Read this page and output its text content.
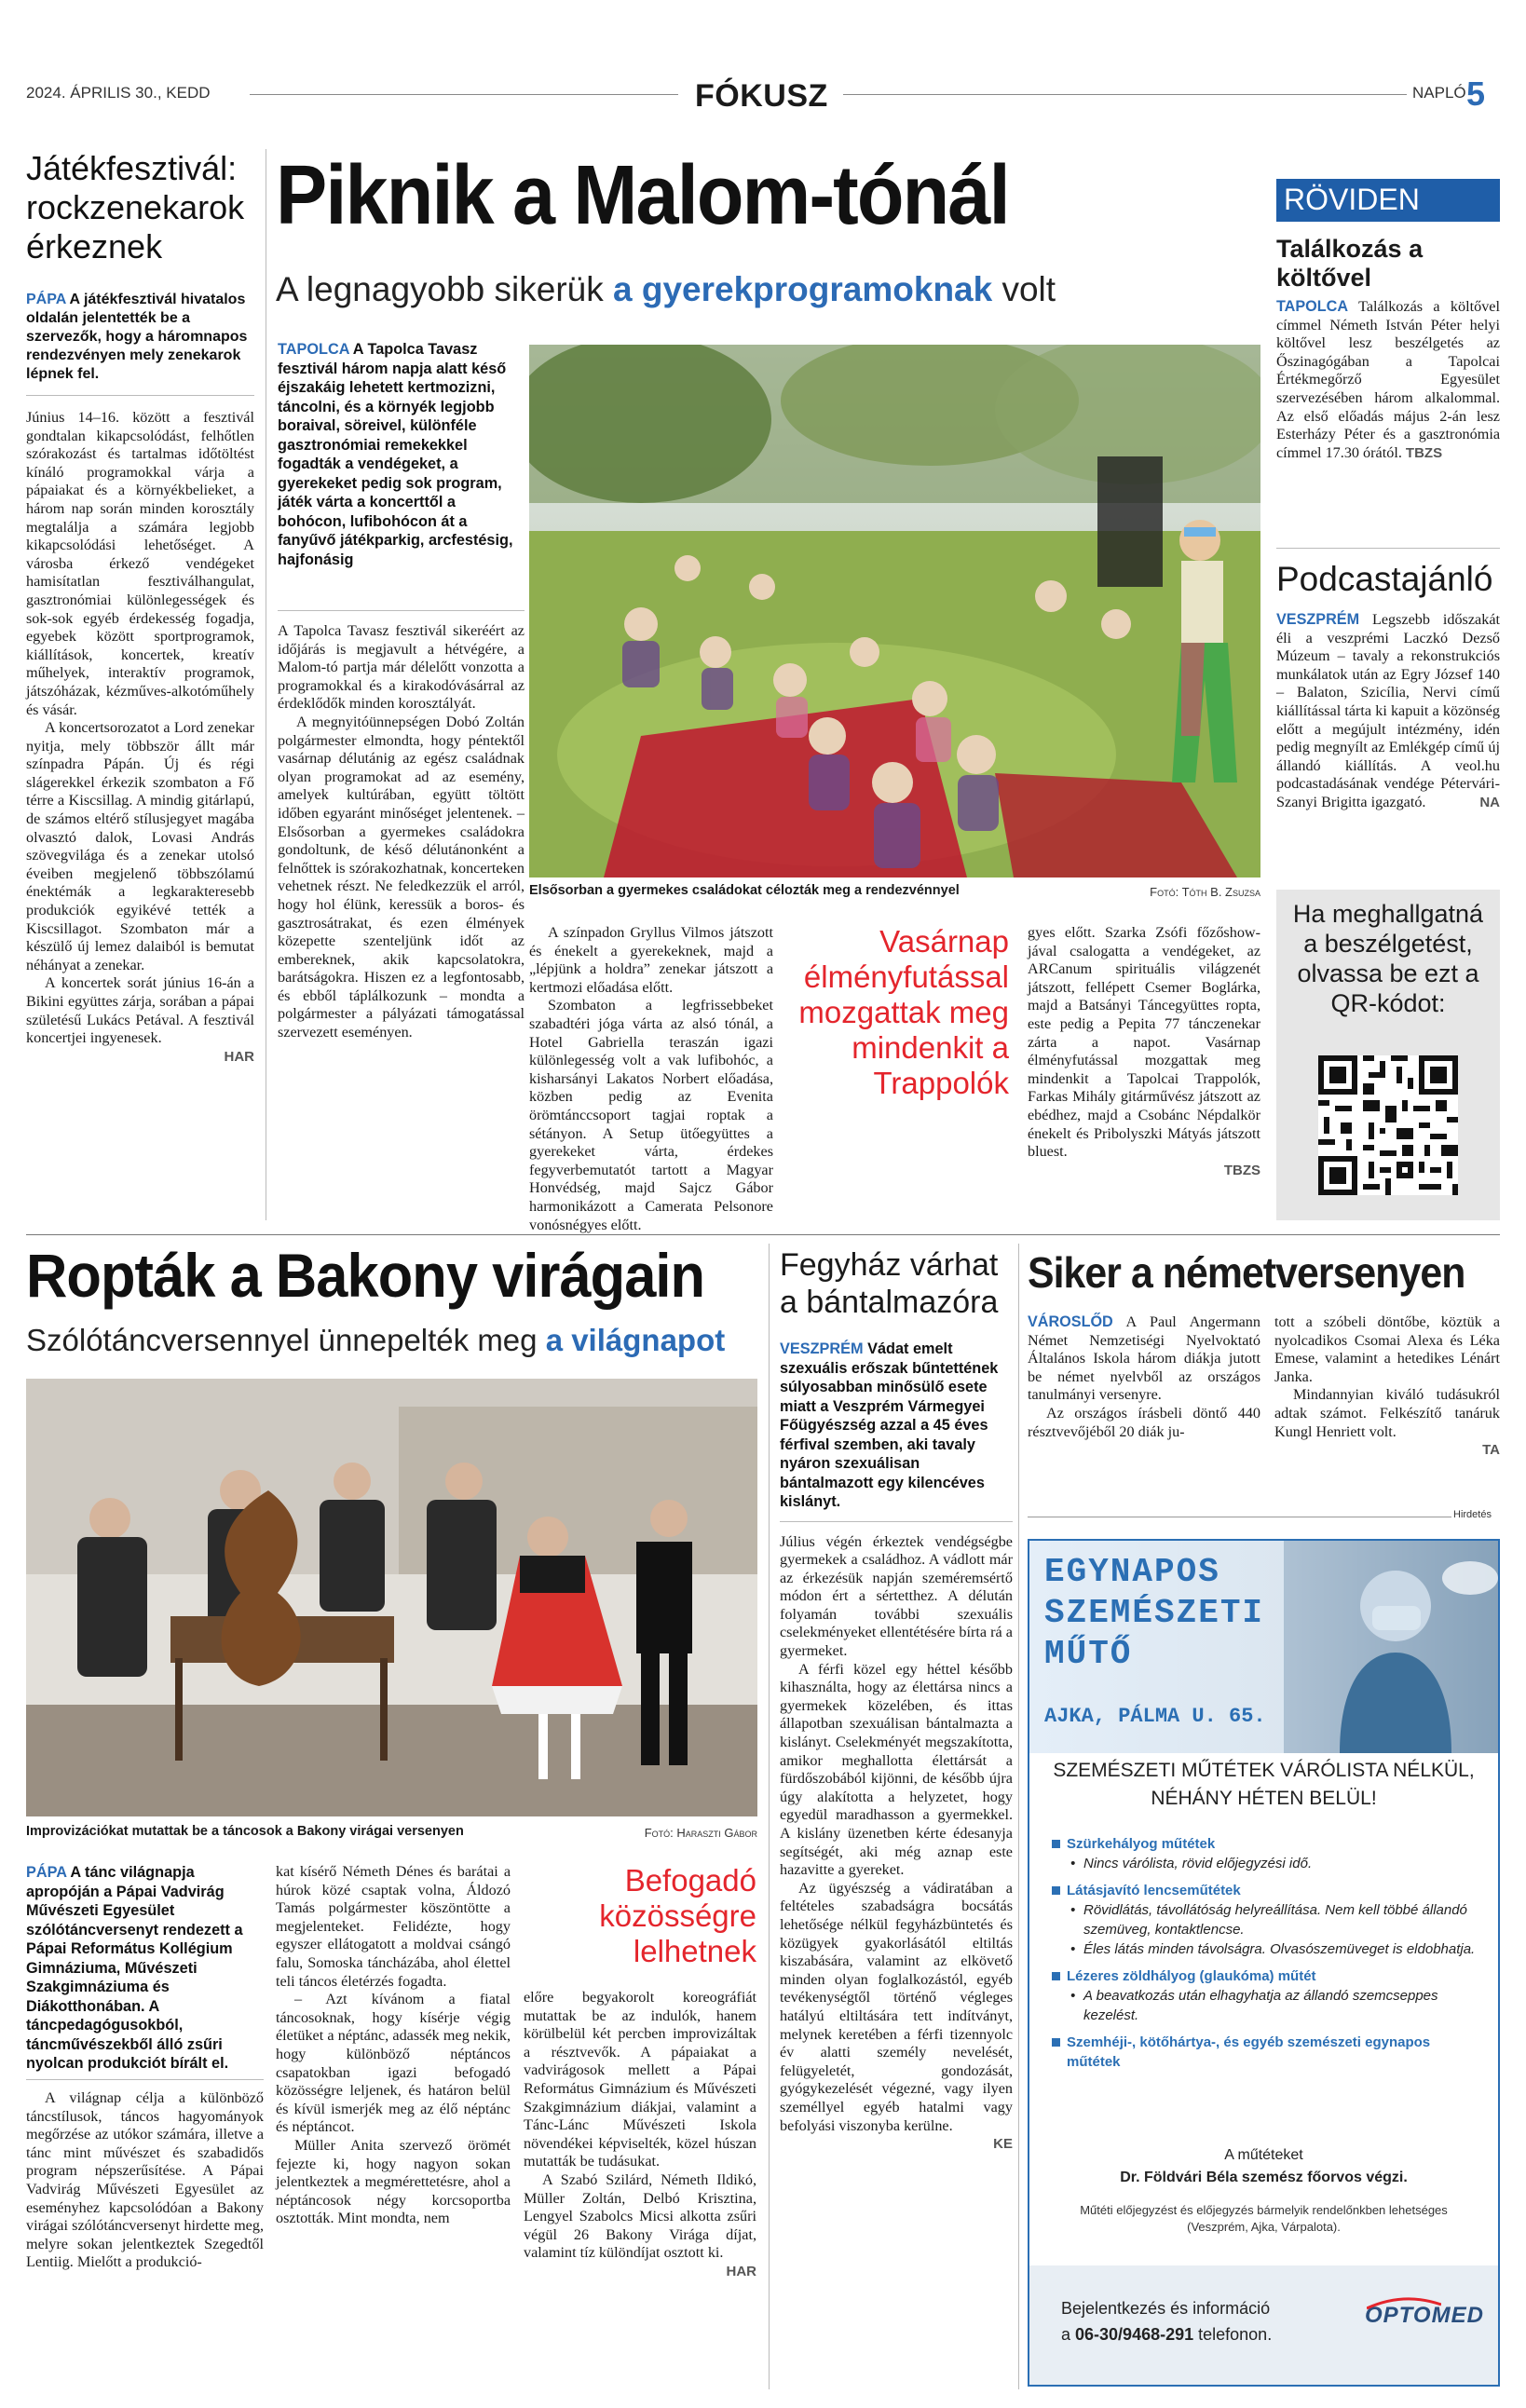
2024. ÁPRILIS 30., KEDD	FÓKUSZ	NAPLÓ 5
Játékfesztivál: rockzenekarok érkeznek
PÁPA A játékfesztivál hivatalos oldalán jelentették be a szervezők, hogy a háromnapos rendezvényen mely zenekarok lépnek fel.

Június 14–16. között a fesztivál gondtalan kikapcsolódást, felhőtlen szórakozást és tartalmas időtöltést kínáló programokkal várja a pápaiakat és a környékbelieket, a három nap során minden korosztály megtalálja a számára legjobb kikapcsolódási lehetőséget. A városba érkező vendégeket hamisítatlan fesztiválhangulat, gasztronómiai különlegességek és sok-sok egyéb érdekesség fogadja, egyebek között sportprogramok, kiállítások, koncertek, kreatív műhelyek, interaktív programok, játszóházak, kézműves-alkotóműhely és vásár.

A koncertsorozatot a Lord zenekar nyitja, mely többször állt már színpadra Pápán. Új és régi slágerekkel érkezik szombaton a Fő térre a Kiscsillag. A mindig gitárlapú, de számos eltérő stílusjegyet magába olvasztó dalok, Lovasi András szövegvilága és a zenekar utolsó éveiben megjelenő többszólamú énektémák a legkarakteresebb produkciók egyikévé tették a Kiscsillagot. Szombaton már a készülő új lemez dalaiból is bemutat néhányat a zenekar.

A koncertek sorát június 16-án a Bikini együttes zárja, sorában a pápai születésű Lukács Petával. A fesztivál koncertjei ingyenesek.

HAR
Piknik a Malom-tónál
A legnagyobb sikerük a gyerekprogramoknak volt
TAPOLCA A Tapolca Tavasz fesztivál három napja alatt késő éjszakáig lehetett kertmozizni, táncolni, és a környék legjobb boraival, söreivel, különféle gasztronómiai remekekkel fogadták a vendégeket, a gyerekeket pedig sok program, játék várta a koncerttől a bohócon, lufibohócon át a fanyűvő játékparkig, arcfestésig, hajfonásig

A Tapolca Tavasz fesztivál sikeréért az időjárás is megjavult a hétvégére, a Malom-tó partja már délelőtt vonzotta a programokkal és a kirakodóvásárral az érdeklődők minden korosztályát.

A megnyitóünnepségen Dobó Zoltán polgármester elmondta, hogy péntektől vasárnap délutánig az egész családnak olyan programokat ad az esemény, amelyek kultúrában, együtt töltött időben egyaránt minőséget jelentenek. – Elsősorban a gyermekes családokra gondoltunk, de késő délutánonként a felnőttek is szórakozhatnak, koncerteken vehetnek részt. Ne feledkezzük el arról, hogy hol élünk, keressük a boros- és gasztrosátrakat, és ezen élmények közepette szenteljünk időt az embereknek, akik kapcsolatokra, barátságokra. Hiszen ez a legfontosabb, és ebből táplálkozunk – mondta a polgármester a pályázati támogatással szervezett eseményen.

Elsősorban a gyermekes családokat célozták meg a rendezvénnyel	Fotó: Tóth B. Zsuzsa

A színpadon Gryllus Vilmos játszott és énekelt a gyerekeknek, majd a „lépjünk a holdra” zenekar játszott a kertmozi előadása előtt.

Szombaton a legfrissebbeket szabadtéri jóga várta az alsó tónál, a Hotel Gabriella teraszán igazi különlegesség volt a vak lufibohóc, a kisharsányi Lakatos Norbert előadása, közben pedig az Evenita örömtánccsoport tagjai roptak a sétányon. A Setup ütőegyüttes a gyerekeket várta, érdekes fegyverbemutatót tartott a Magyar Honvédség, majd Sajcz Gábor harmonikázott a Camerata Pelsonore vonósnégyes előtt.

Vasárnap élményfutással mozgattak meg mindenkit a Trappolók

gyes előtt. Szarka Zsófi főzőshow-jával csalogatta a vendégeket, az ARCanum spirituális világzenét játszott, fellépett Csemer Boglárka, majd a Batsányi Táncegyüttes ropta, este pedig a Pepita 77 tánczenekar zárta a napot. Vasárnap élményfutással mozgattak meg mindenkit a Tapolcai Trappolók, Farkas Mihály gitárművész játszott az ebédhez, majd a Csobánc Népdalkör énekelt és Pribolyszki Mátyás játszott bluest.

TBZS
RÖVIDEN
Találkozás a költővel
TAPOLCA Találkozás a költővel címmel Németh István Péter helyi költővel lesz beszélgetés az Őszinagógában a Tapolcai Értékmegőrző Egyesület szervezésében három alkalommal. Az első előadás május 2-án lesz Esterházy Péter és a gasztronómia címmel 17.30 órától. TBZS
Podcastajánló
VESZPRÉM Legszebb időszakát éli a veszprémi Laczkó Dezső Múzeum – tavaly a rekonstrukciós munkálatok után az Egry József 140 – Balaton, Szicília, Nervi című kiállítással tárta ki kapuit a közönség előtt a megújult intézmény, idén pedig megnyílt az Emlékgép című új állandó kiállítás. A veol.hu podcastadásának vendége Pétervári-Szanyi Brigitta igazgató.	NA
Ha meghallgatná a beszélgetést, olvassa be ezt a QR-kódot:
Ropták a Bakony virágain
Szólótáncversennyel ünnepelték meg a világnapot
Improvizációkat mutattak be a táncosok a Bakony virágai versenyen	Fotó: Haraszti Gábor
PÁPA A tánc világnapja apropóján a Pápai Vadvirág Művészeti Egyesület szólótáncversenyt rendezett a Pápai Református Kollégium Gimnáziuma, Művészeti Szakgimnáziuma és Diákotthonában. A táncpedagógusokból, táncművészekből álló zsűri nyolcan produkciót bírált el.

A világnap célja a különböző táncstílusok, táncos hagyományok megőrzése az utókor számára, illetve a tánc mint művészet és szabadidős program népszerűsítése. A Pápai Vadvirág Művészeti Egyesület az eseményhez kapcsolódóan a Bakony virágai szólótáncversenyt hirdette meg, melyre sokan jelentkeztek Szegedtől Lentiig. Mielőtt a produkció-

kat kísérő Németh Dénes és barátai a húrok közé csaptak volna, Áldozó Tamás polgármester köszöntötte a megjelenteket. Felidézte, hogy egyszer ellátogatott a moldvai csángó falu, Somoska táncházába, ahol élettel teli táncos életérzés fogadta.

– Azt kívánom a fiatal táncosoknak, hogy kísérje végig életüket a néptánc, adassék meg nekik, hogy különböző néptáncos csapatokban igazi befogadó közösségre leljenek, és határon belül és kívül ismerjék meg az élő néptánc és néptáncot.

Müller Anita szervező örömét fejezte ki, hogy nagyon sokan jelentkeztek a megmérettetésre, ahol a néptáncosok négy korcsoportba osztották. Mint mondta, nem

Befogadó közösségre lelhetnek

előre begyakorolt koreográfiát mutattak be az indulók, hanem körülbelül két percben improvizáltak a résztvevők. A pápaiakat a vadvirágosok mellett a Pápai Református Gimnázium és Művészeti Szakgimnázium diákjai, valamint a Tánc-Lánc Művészeti Iskola növendékei képviselték, közel húszan mutatták be tudásukat.

A Szabó Szilárd, Németh Ildikó, Müller Zoltán, Delbó Krisztina, Lengyel Szabolcs Micsi alkotta zsűri végül 26 Bakony Virága díjat, valamint tíz különdíjat osztott ki.

HAR
Fegyház várhat a bántalmazóra
VESZPRÉM Vádat emelt szexuális erőszak bűntettének súlyosabban minősülő esete miatt a Veszprém Vármegyei Főügyészség azzal a 45 éves férfival szemben, aki tavaly nyáron szexuálisan bántalmazott egy kilencéves kislányt.

Július végén érkeztek vendégségbe gyermekek a családhoz. A vádlott már az érkezésük napján szeméremsértő módon ért a sértetthez. A délután folyamán további szexuális cselekményeket ellentétésére bírta rá a gyermeket.

A férfi közel egy héttel később kihasználta, hogy az élettársa nincs a gyermekek közelében, és ittas állapotban szexuálisan bántalmazta a kislányt. Cselekményét megszakította, amikor meghallotta élettársát a fürdőszobából kijönni, de később újra úgy alakította a helyzetet, hogy egyedül maradhasson a gyermekkel. A kislány üzenetben kérte édesanyja segítségét, aki még aznap este hazavitte a gyereket.

Az ügyészség a vádiratában a feltételes szabadságra bocsátás lehetősége nélkül fegyházbüntetés és közügyek gyakorlásától eltiltás kiszabására, valamint az elkövető minden olyan foglalkozástól, egyéb tevékenységtől történő végleges hatályú eltiltására tett indítványt, melynek keretében a férfi tizennyolc év alatti személy nevelését, felügyeletét, gondozását, gyógykezelését végezné, vagy ilyen személlyel egyéb hatalmi vagy befolyási viszonyba kerülne.

KE
Siker a németversenyen

VÁROSLŐD A Paul Angermann Német Nemzetiségi Nyelvoktató Általános Iskola három diákja jutott be német nyelvből az országos tanulmányi versenyre.

Az országos írásbeli döntő 440 résztvevőjéből 20 diák ju-

tott a szóbeli döntőbe, köztük a nyolcadikos Csomai Alexa és Léka Emese, valamint a hetedikes Lénárt Janka.

Mindannyian kiváló tudásukról adtak számot. Felkészítő tanáruk Kungl Henriett volt.

TA
Hirdetés
EGYNAPOS
SZEMÉSZETI
MŰTŐ
AJKA, PÁLMA U. 65.
SZEMÉSZETI MŰTÉTEK VÁRÓLISTA NÉLKÜL,
NÉHÁNY HÉTEN BELÜL!
Szürkehályog műtétek
Nincs várólista, rövid előjegyzési idő.
•
Látásjavító lencseműtétek
Rövidlátás, távollátóság helyreállítása. Nem kell többé állandó szemüveg, kontaktlencse.
•
Éles látás minden távolságra. Olvasószemüveget is eldobhatja.
•
Lézeres zöldhályog (glaukóma) műtét
A beavatkozás után elhagyhatja az állandó szemcseppes kezelést.
•
Szemhéji-, kötőhártya-, és egyéb szemészeti egynapos műtétek
A műtéteket
Dr. Földvári Béla szemész főorvos végzi.
Műtéti előjegyzést és előjegyzés bármelyik rendelőnkben lehetséges (Veszprém, Ajka, Várpalota).
Bejelentkezés és információ
a 06-30/9468-291 telefonon.
OPTOMED
